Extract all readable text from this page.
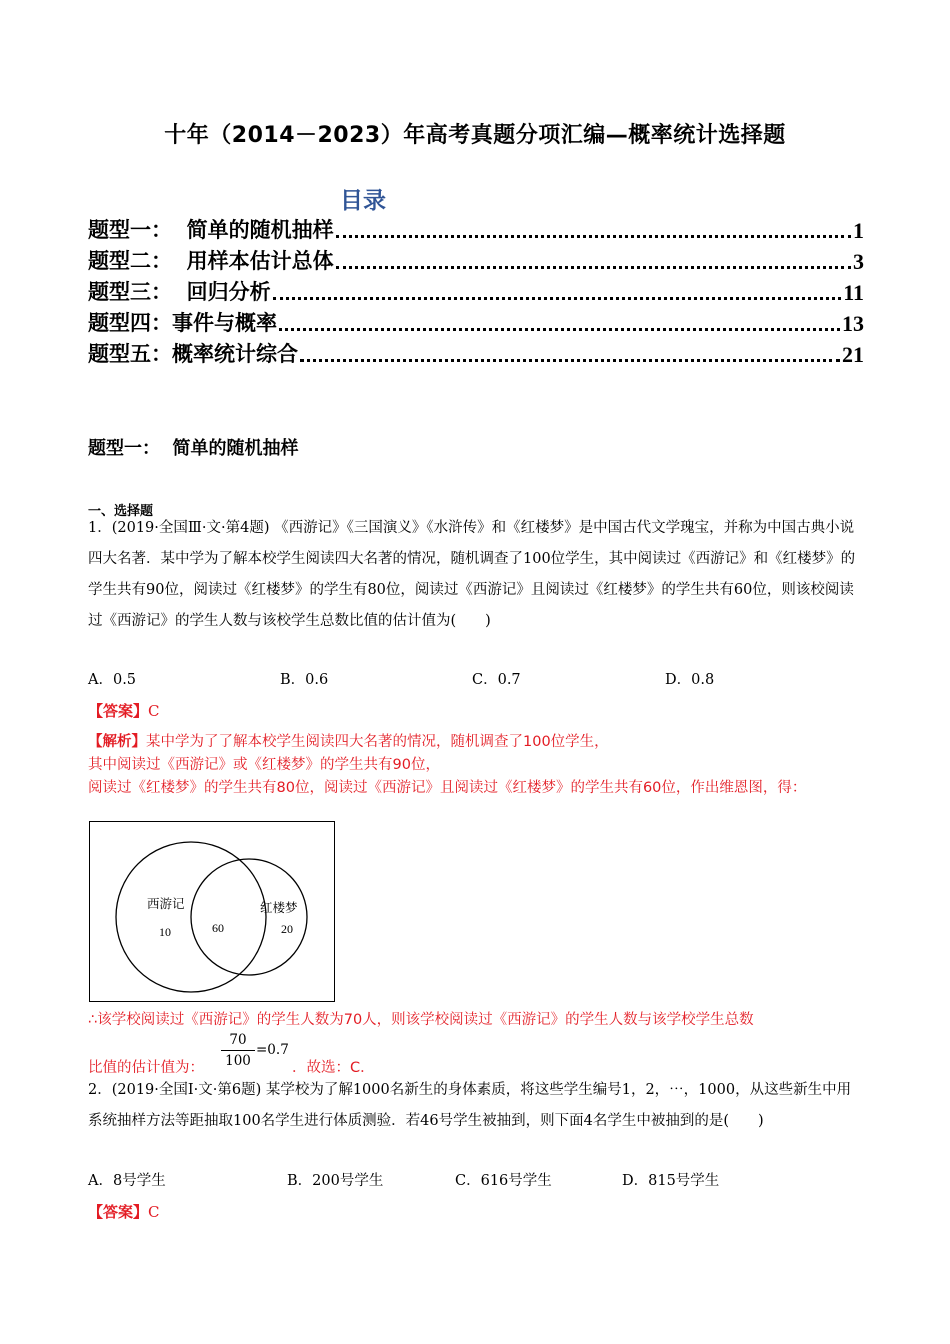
十年（2014－2023）年高考真题分项汇编—概率统计选择题
目录
题型一：  简单的随机抽样	1
题型二：  用样本估计总体	3
题型三：  回归分析	11
题型四：事件与概率	13
题型五：概率统计综合	21
题型一：  简单的随机抽样
一、选择题
1．(2019·全国Ⅲ·文·第4题) 《西游记》《三国演义》《水浒传》和《红楼梦》是中国古代文学瑰宝，并称为中国古典小说四大名著．某中学为了解本校学生阅读四大名著的情况，随机调查了100位学生，其中阅读过《西游记》和《红楼梦》的学生共有90位，阅读过《红楼梦》的学生有80位，阅读过《西游记》且阅读过《红楼梦》的学生共有60位，则该校阅读过《西游记》的学生人数与该校学生总数比值的估计值为(　　)
A．0.5	B．0.6	C．0.7	D．0.8
【答案】C
【解析】某中学为了了解本校学生阅读四大名著的情况，随机调查了100位学生，
其中阅读过《西游记》或《红楼梦》的学生共有90位，
阅读过《红楼梦》的学生共有80位，阅读过《西游记》且阅读过《红楼梦》的学生共有60位，作出维恩图，得：
西游记	红楼梦
10	60	20
∴该学校阅读过《西游记》的学生人数为70人，则该学校阅读过《西游记》的学生人数与该学校学生总数
比值的估计值为： $\frac{70}{100} =0.7$
．故选：C．
2．(2019·全国Ⅰ·文·第6题) 某学校为了解1000名新生的身体素质，将这些学生编号1，2，⋯，1000，从这些新生中用系统抽样方法等距抽取100名学生进行体质测验．若46号学生被抽到，则下面4名学生中被抽到的是(　　)
A．8号学生	B．200号学生	C．616号学生	D．815号学生
【答案】C
